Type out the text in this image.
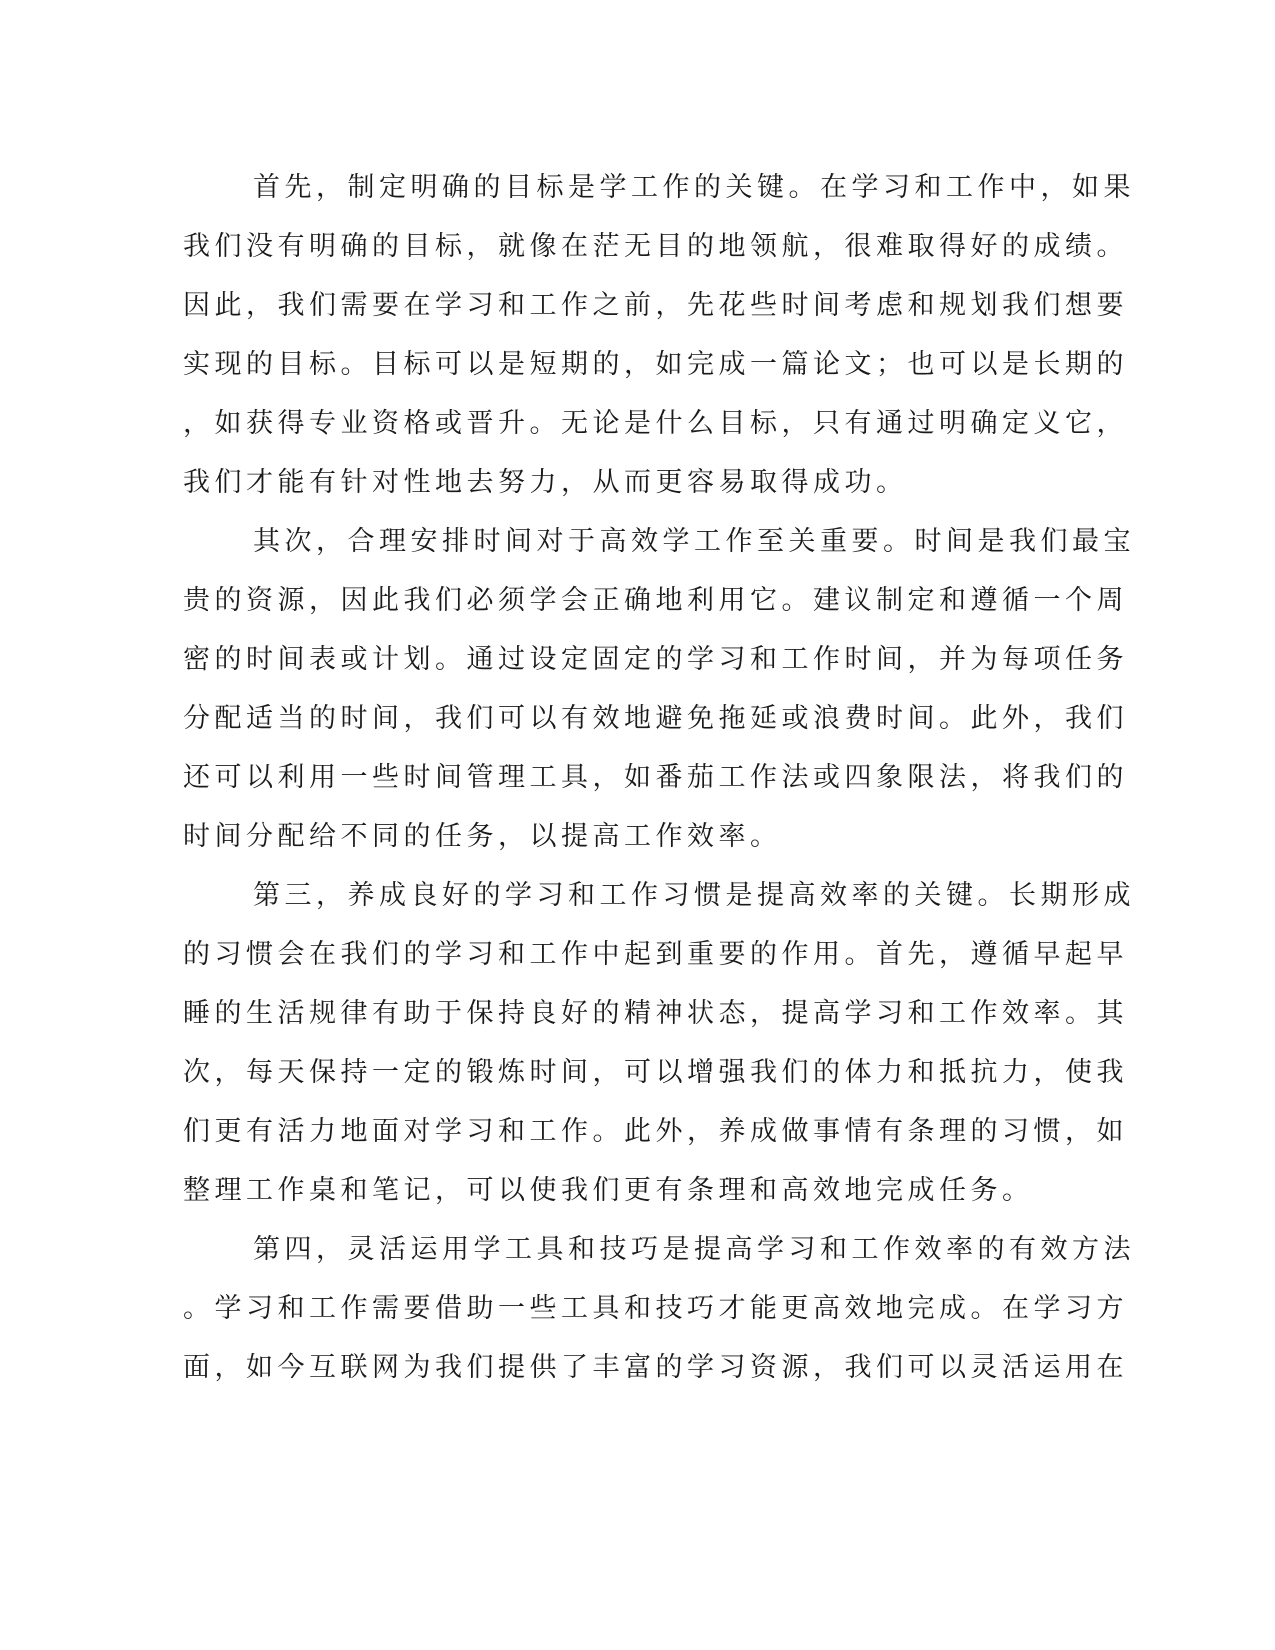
首先，制定明确的目标是学工作的关键。在学习和工作中，如果
我们没有明确的目标，就像在茫无目的地领航，很难取得好的成绩。
因此，我们需要在学习和工作之前，先花些时间考虑和规划我们想要
实现的目标。目标可以是短期的，如完成一篇论文；也可以是长期的
，如获得专业资格或晋升。无论是什么目标，只有通过明确定义它，
我们才能有针对性地去努力，从而更容易取得成功。
其次，合理安排时间对于高效学工作至关重要。时间是我们最宝
贵的资源，因此我们必须学会正确地利用它。建议制定和遵循一个周
密的时间表或计划。通过设定固定的学习和工作时间，并为每项任务
分配适当的时间，我们可以有效地避免拖延或浪费时间。此外，我们
还可以利用一些时间管理工具，如番茄工作法或四象限法，将我们的
时间分配给不同的任务，以提高工作效率。
第三，养成良好的学习和工作习惯是提高效率的关键。长期形成
的习惯会在我们的学习和工作中起到重要的作用。首先，遵循早起早
睡的生活规律有助于保持良好的精神状态，提高学习和工作效率。其
次，每天保持一定的锻炼时间，可以增强我们的体力和抵抗力，使我
们更有活力地面对学习和工作。此外，养成做事情有条理的习惯，如
整理工作桌和笔记，可以使我们更有条理和高效地完成任务。
第四，灵活运用学工具和技巧是提高学习和工作效率的有效方法
。学习和工作需要借助一些工具和技巧才能更高效地完成。在学习方
面，如今互联网为我们提供了丰富的学习资源，我们可以灵活运用在
